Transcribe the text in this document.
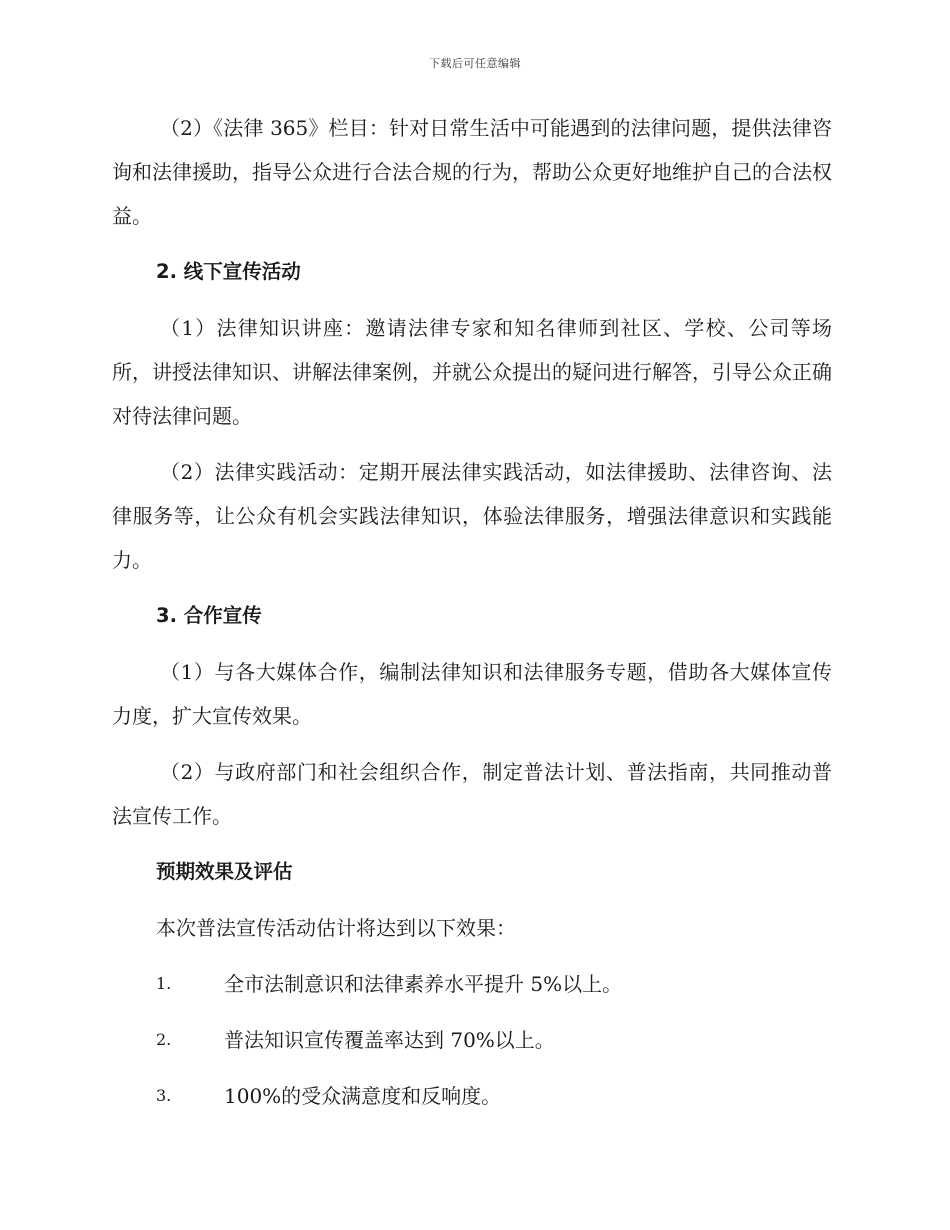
下载后可任意编辑

（2）《法律 365》栏目：针对日常生活中可能遇到的法律问题，提供法律咨询和法律援助，指导公众进行合法合规的行为，帮助公众更好地维护自己的合法权益。

2. 线下宣传活动

（1）法律知识讲座：邀请法律专家和知名律师到社区、学校、公司等场所，讲授法律知识、讲解法律案例，并就公众提出的疑问进行解答，引导公众正确对待法律问题。

（2）法律实践活动：定期开展法律实践活动，如法律援助、法律咨询、法律服务等，让公众有机会实践法律知识，体验法律服务，增强法律意识和实践能力。

3. 合作宣传

（1）与各大媒体合作，编制法律知识和法律服务专题，借助各大媒体宣传力度，扩大宣传效果。

（2）与政府部门和社会组织合作，制定普法计划、普法指南，共同推动普法宣传工作。

预期效果及评估
本次普法宣传活动估计将达到以下效果：
1.	全市法制意识和法律素养水平提升 5%以上。
2.	普法知识宣传覆盖率达到 70%以上。
3.	100%的受众满意度和反响度。
